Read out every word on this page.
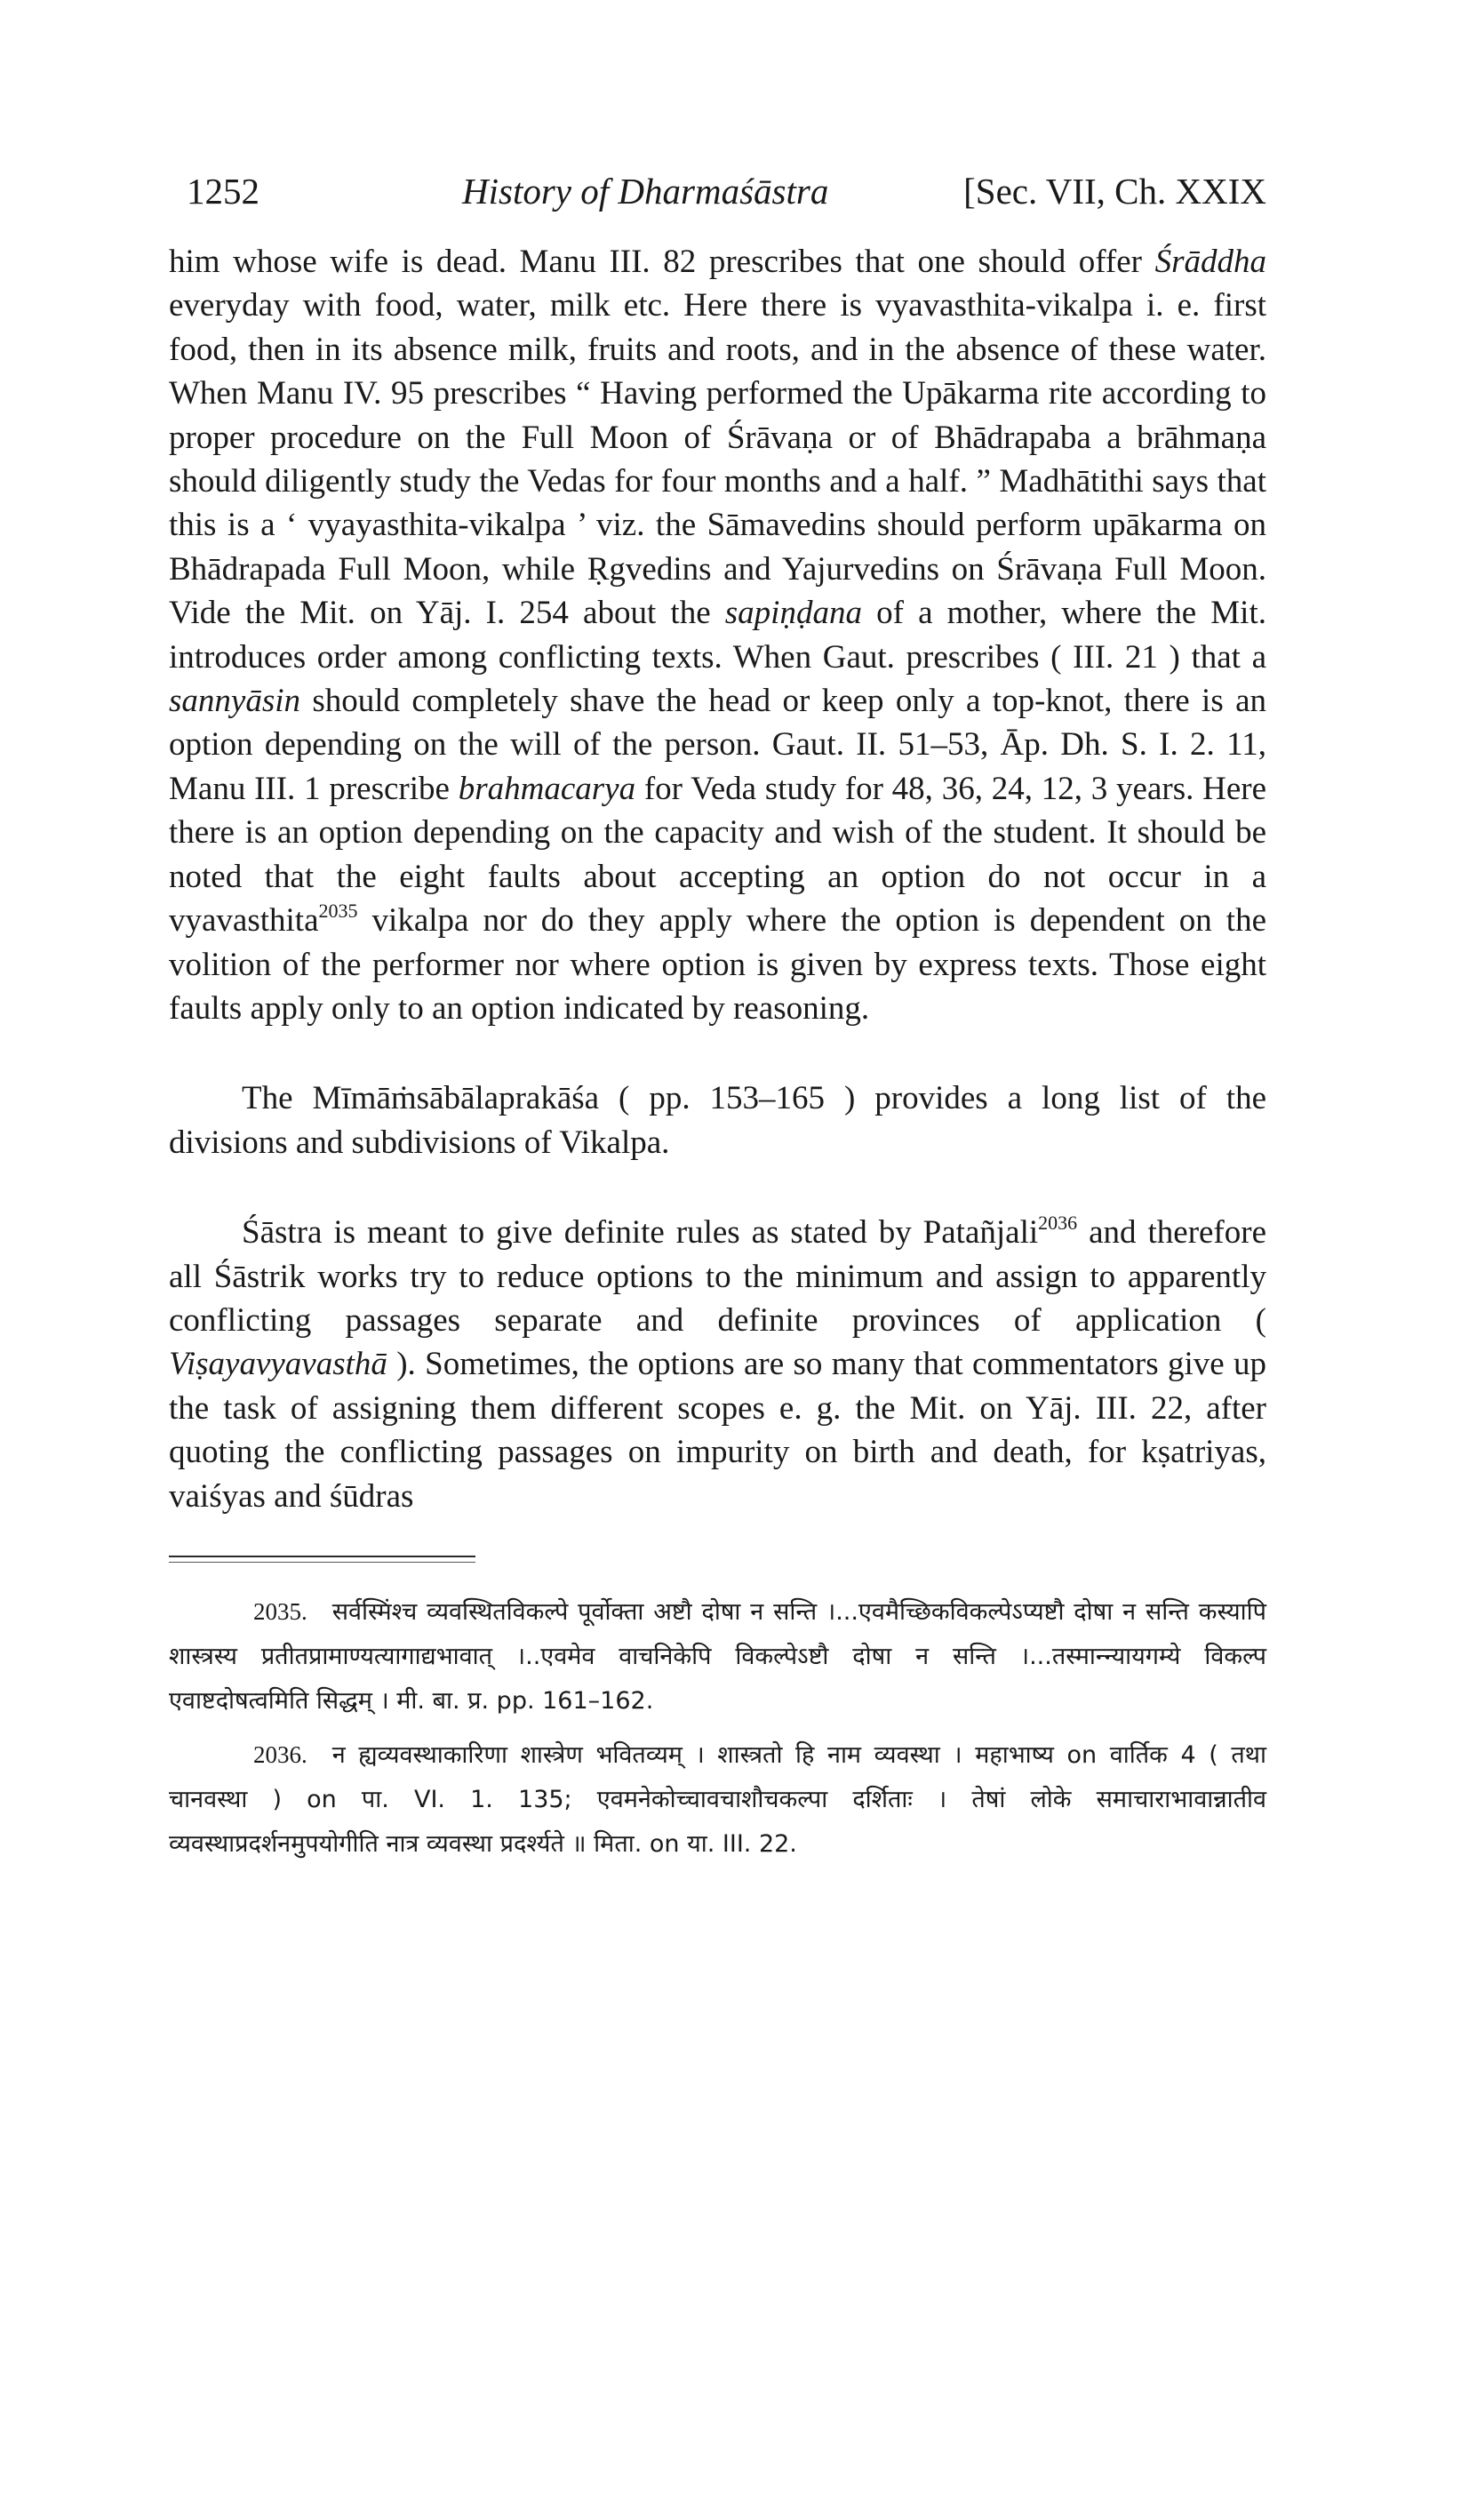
1252	History of Dharmaśāstra	[Sec. VII, Ch. XXIX

him whose wife is dead. Manu III. 82 prescribes that one should offer Śrāddha everyday with food, water, milk etc. Here there is vyavasthita-vikalpa i. e. first food, then in its absence milk, fruits and roots, and in the absence of these water. When Manu IV. 95 prescribes “ Having performed the Upākarma rite according to proper procedure on the Full Moon of Śrāvaṇa or of Bhādrapaba a brāhmaṇa should diligently study the Vedas for four months and a half. ” Madhātithi says that this is a ‘ vyayasthita-vikalpa ’ viz. the Sāmavedins should perform upākarma on Bhādrapada Full Moon, while Ṛgvedins and Yajurvedins on Śrāvaṇa Full Moon. Vide the Mit. on Yāj. I. 254 about the sapiṇḍana of a mother, where the Mit. introduces order among conflicting texts. When Gaut. prescribes ( III. 21 ) that a sannyāsin should completely shave the head or keep only a top-knot, there is an option depending on the will of the person. Gaut. II. 51–53, Āp. Dh. S. I. 2. 11, Manu III. 1 prescribe brahmacarya for Veda study for 48, 36, 24, 12, 3 years. Here there is an option depending on the capacity and wish of the student. It should be noted that the eight faults about accepting an option do not occur in a vyavasthita$^{2035}$ vikalpa nor do they apply where the option is dependent on the volition of the performer nor where option is given by express texts. Those eight faults apply only to an option indicated by reasoning.

The Mīmāṁsābālaprakāśa ( pp. 153–165 ) provides a long list of the divisions and subdivisions of Vikalpa.

Śāstra is meant to give definite rules as stated by Patañjali$^{2036}$ and therefore all Śāstrik works try to reduce options to the minimum and assign to apparently conflicting passages separate and definite provinces of application ( Viṣayavyavasthā ). Sometimes, the options are so many that commentators give up the task of assigning them different scopes e. g. the Mit. on Yāj. III. 22, after quoting the conflicting passages on impurity on birth and death, for kṣatriyas, vaiśyas and śūdras

2035. सर्वस्मिंश्च व्यवस्थितविकल्पे पूर्वोक्ता अष्टौ दोषा न सन्ति ।...एवमैच्छिकविकल्पेऽप्यष्टौ दोषा न सन्ति कस्यापि शास्त्रस्य प्रतीतप्रामाण्यत्यागाद्यभावात् ।..एवमेव वाचनिकेपि विकल्पेऽष्टौ दोषा न सन्ति ।...तस्मान्न्यायगम्ये विकल्प एवाष्टदोषत्वमिति सिद्धम् । मी. बा. प्र. pp. 161–162.

2036. न ह्यव्यवस्थाकारिणा शास्त्रेण भवितव्यम् । शास्त्रतो हि नाम व्यवस्था । महाभाष्य on वार्तिक 4 ( तथा चानवस्था ) on पा. VI. 1. 135; एवमनेकोच्चावचाशौचकल्पा दर्शिताः । तेषां लोके समाचाराभावान्नातीव व्यवस्थाप्रदर्शनमुपयोगीति नात्र व्यवस्था प्रदर्श्यते ॥ मिता. on या. III. 22.
